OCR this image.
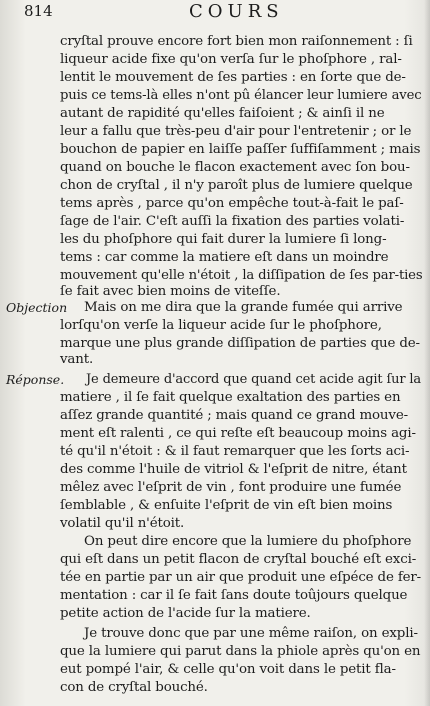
814	COURS
Objection
Réponse.
cryſtal prouve encore fort bien mon raiſonnement : ſi
liqueur acide fixe qu'on verſa ſur le phoſphore , ral-
lentit le mouvement de ſes parties : en ſorte que de-
puis ce tems-là elles n'ont pû élancer leur lumiere avec
autant de rapidité qu'elles faiſoient ; & ainſi il ne
leur a fallu que très-peu d'air pour l'entretenir ; or le
bouchon de papier en laiſſe paſſer ſuffiſamment ; mais
quand on bouche le flacon exactement avec ſon bou-
chon de cryſtal , il n'y paroît plus de lumiere quelque
tems après , parce qu'on empêche tout-à-fait le paſ-
ſage de l'air. C'eſt auſſi la fixation des parties volati-
les du phoſphore qui fait durer la lumiere ſi long-
tems : car comme la matiere eſt dans un moindre
mouvement qu'elle n'étoit , la diſſipation de ſes par-ties
ſe fait avec bien moins de viteſſe.
Mais on me dira que la grande fumée qui arrive
lorſqu'on verſe la liqueur acide ſur le phoſphore,
marque une plus grande diſſipation de parties que de-
vant.
Je demeure d'accord que quand cet acide agit ſur la
matiere , il ſe fait quelque exaltation des parties en
aſſez grande quantité ; mais quand ce grand mouve-
ment eſt ralenti , ce qui reſte eſt beaucoup moins agi-
té qu'il n'étoit : & il faut remarquer que les ſorts aci-
des comme l'huile de vitriol & l'eſprit de nitre, étant
mêlez avec l'eſprit de vin , font produire une fumée
ſemblable , & enſuite l'eſprit de vin eſt bien moins
volatil qu'il n'étoit.
On peut dire encore que la lumiere du phoſphore
qui eſt dans un petit flacon de cryſtal bouché eſt exci-
tée en partie par un air que produit une eſpéce de fer-
mentation : car il ſe fait ſans doute toûjours quelque
petite action de l'acide ſur la matiere.
Je trouve donc que par une même raiſon, on expli-
que la lumiere qui parut dans la phiole après qu'on en
eut pompé l'air, & celle qu'on voit dans le petit fla-
con de cryſtal bouché.
